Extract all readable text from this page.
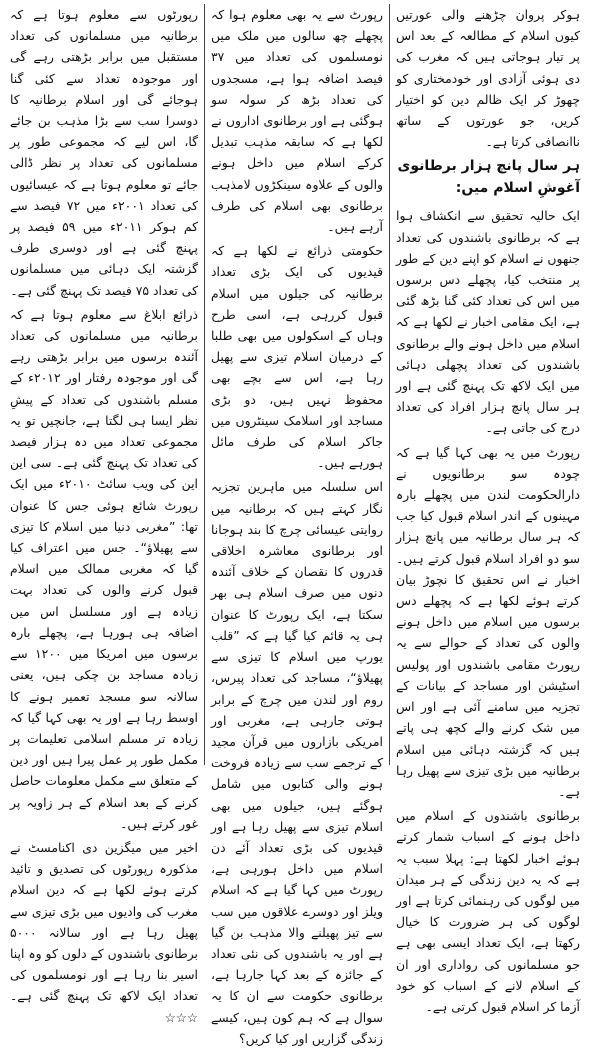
ہوکر پروان چڑھنے والی عورتیں کیوں اسلام کے مطالعہ کے بعد اس پر تیار ہوجاتی ہیں کہ مغرب کی دی ہوئی آزادی اور خودمختاری کو چھوڑ کر ایک ظالم دین کو اختیار کریں، جو عورتوں کے ساتھ ناانصافی کرتا ہے۔

ہر سال پانچ ہزار برطانوی آغوشِ اسلام میں:

ایک حالیہ تحقیق سے انکشاف ہوا ہے کہ برطانوی باشندوں کی تعداد جنھوں نے اسلام کو اپنے دین کے طور پر منتخب کیا، پچھلے دس برسوں میں اس کی تعداد کئی گنا بڑھ گئی ہے، ایک مقامی اخبار نے لکھا ہے کہ اسلام میں داخل ہونے والے برطانوی باشندوں کی تعداد پچھلی دہائی میں ایک لاکھ تک پہنچ گئی ہے اور ہر سال پانچ ہزار افراد کی تعداد درج کی جاتی ہے۔

رپورٹ میں یہ بھی کہا گیا ہے کہ چودہ سو برطانویوں نے دارالحکومت لندن میں پچھلے بارہ مہینوں کے اندر اسلام قبول کیا جب کہ ہر سال برطانیہ میں پانچ ہزار سو دو افراد اسلام قبول کرتے ہیں۔ اخبار نے اس تحقیق کا نچوڑ بیان کرتے ہوئے لکھا ہے کہ پچھلے دس برسوں میں اسلام میں داخل ہونے والوں کی تعداد کے حوالے سے یہ رپورٹ مقامی باشندوں اور پولیس اسٹیشن اور مساجد کے بیانات کے تجزیہ میں سامنے آئی ہے اور اس میں شک کرنے والے کچھ ہی پاتے ہیں کہ گزشتہ دہائی میں اسلام برطانیہ میں بڑی تیزی سے پھیل رہا ہے۔

برطانوی باشندوں کے اسلام میں داخل ہونے کے اسباب شمار کرتے ہوئے اخبار لکھتا ہے: پہلا سبب یہ ہے کہ یہ دین زندگی کے ہر میدان میں لوگوں کی رہنمائی کرتا ہے اور لوگوں کی ہر ضرورت کا خیال رکھتا ہے، ایک تعداد ایسی بھی ہے جو مسلمانوں کی رواداری اور ان کے اسلام لانے کے اسباب کو خود آزما کر اسلام قبول کرتی ہے۔

رپورٹ سے یہ بھی معلوم ہوا کہ پچھلے چھ سالوں میں ملک میں نومسلموں کی تعداد میں ۳۷ فیصد اضافہ ہوا ہے، مسجدوں کی تعداد بڑھ کر سولہ سو ہوگئی ہے اور برطانوی اداروں نے لکھا ہے کہ سابقہ مذہب تبدیل کرکے اسلام میں داخل ہونے والوں کے علاوہ سینکڑوں لامذہب برطانوی بھی اسلام کی طرف آرہے ہیں۔

حکومتی ذرائع نے لکھا ہے کہ قیدیوں کی ایک بڑی تعداد برطانیہ کی جیلوں میں اسلام قبول کررہی ہے، اسی طرح وہاں کے اسکولوں میں بھی طلبا کے درمیان اسلام تیزی سے پھیل رہا ہے، اس سے بچے بھی محفوظ نہیں ہیں، دو بڑی مساجد اور اسلامک سینٹروں میں جاکر اسلام کی طرف مائل ہورہے ہیں۔

اس سلسلہ میں ماہرین تجزیہ نگار کہتے ہیں کہ برطانیہ میں روایتی عیسائی چرچ کا بند ہوجانا اور برطانوی معاشرہ اخلاقی قدروں کا نقصان کے خلاف آئندہ دنوں میں صرف اسلام ہی بھر سکتا ہے، ایک رپورٹ کا عنوان ہی یہ قائم کیا گیا ہے کہ ”قلب یورپ میں اسلام کا تیزی سے پھیلاؤ“، مساجد کی تعداد پیرس، روم اور لندن میں چرچ کے برابر ہوتی جارہی ہے، مغربی اور امریکی بازاروں میں قرآن مجید کے ترجمے سب سے زیادہ فروخت ہونے والی کتابوں میں شامل ہوگئے ہیں، جیلوں میں بھی اسلام تیزی سے پھیل رہا ہے اور قیدیوں کی بڑی تعداد آئے دن اسلام میں داخل ہورہی ہے، رپورٹ میں کہا گیا ہے کہ اسلام ویلز اور دوسرے علاقوں میں سب سے تیز پھیلنے والا مذہب بن گیا ہے اور یہ باشندوں کی نئی تعداد کے جائزہ کے بعد کہا جارہا ہے، برطانوی حکومت سے ان کا یہ سوال ہے کہ ہم کون ہیں، کیسے زندگی گزاریں اور کیا کریں؟

رپورٹوں سے معلوم ہوتا ہے کہ برطانیہ میں مسلمانوں کی تعداد مستقبل میں برابر بڑھتی رہے گی اور موجودہ تعداد سے کئی گنا ہوجائے گی اور اسلام برطانیہ کا دوسرا سب سے بڑا مذہب بن جائے گا، اس لیے کہ مجموعی طور پر مسلمانوں کی تعداد پر نظر ڈالی جائے تو معلوم ہوتا ہے کہ عیسائیوں کی تعداد ۲۰۰۱ء میں ۷۲ فیصد سے کم ہوکر ۲۰۱۱ء میں ۵۹ فیصد پر پہنچ گئی ہے اور دوسری طرف گزشتہ ایک دہائی میں مسلمانوں کی تعداد ۷۵ فیصد تک پہنچ گئی ہے۔

ذرائع ابلاغ سے معلوم ہوتا ہے کہ برطانیہ میں مسلمانوں کی تعداد آئندہ برسوں میں برابر بڑھتی رہے گی اور موجودہ رفتار اور ۲۰۱۲ء کے مسلم باشندوں کی تعداد کے پیشِ نظر ایسا ہی لگتا ہے، جانچیں تو یہ مجموعی تعداد میں دہ ہزار فیصد کی تعداد تک پہنچ گئی ہے۔ سی این این کی ویب سائٹ ۲۰۱۰ء میں ایک رپورٹ شائع ہوئی جس کا عنوان تھا: ”مغربی دنیا میں اسلام کا تیزی سے پھیلاؤ“۔ جس میں اعتراف کیا گیا کہ مغربی ممالک میں اسلام قبول کرنے والوں کی تعداد بہت زیادہ ہے اور مسلسل اس میں اضافہ ہی ہورہا ہے، پچھلے بارہ برسوں میں امریکا میں ۱۲۰۰ سے زیادہ مساجد بن چکی ہیں، یعنی سالانہ سو مسجد تعمیر ہونے کا اوسط رہا ہے اور یہ بھی کہا گیا کہ زیادہ تر مسلم اسلامی تعلیمات پر مکمل طور پر عمل پیرا ہیں اور دین کے متعلق سے مکمل معلومات حاصل کرنے کے بعد اسلام کے ہر زاویہ پر غور کرتے ہیں۔

اخیر میں میگزین دی اکنامسٹ نے مذکورہ رپورٹوں کی تصدیق و تائید کرتے ہوئے لکھا ہے کہ دین اسلام مغرب کی وادیوں میں بڑی تیزی سے پھیل رہا ہے اور سالانہ ۵۰۰۰ برطانوی باشندوں کے دلوں کو وہ اپنا اسیر بنا رہا ہے اور نومسلموں کی تعداد ایک لاکھ تک پہنچ گئی ہے۔ ☆☆☆
